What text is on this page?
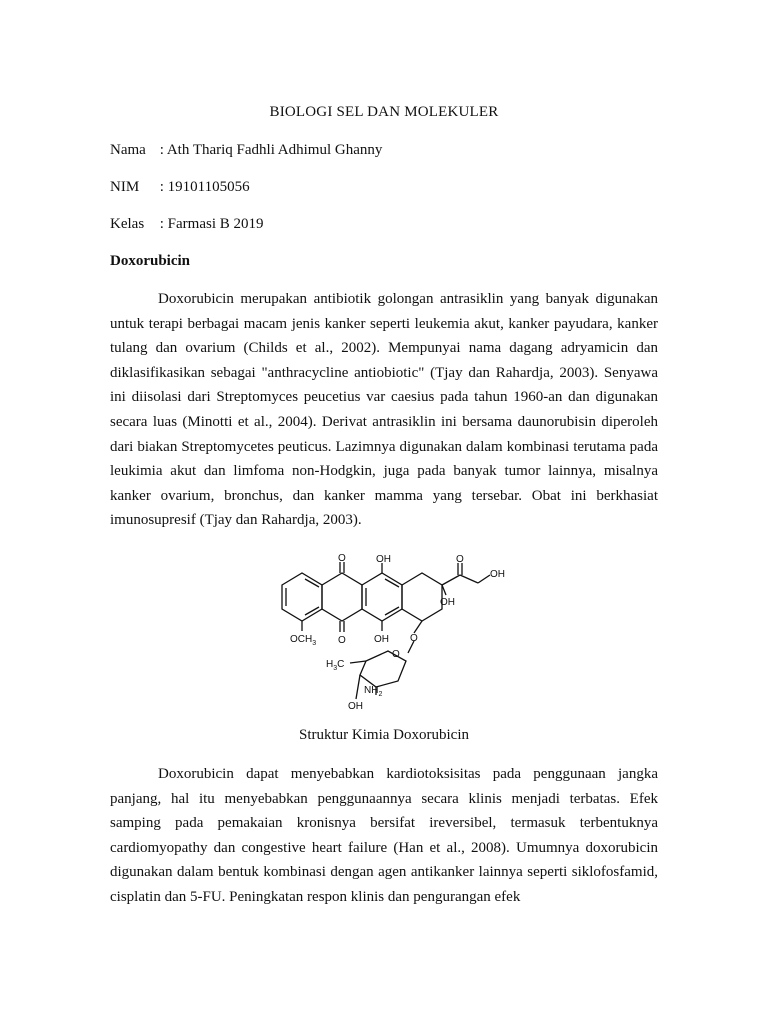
BIOLOGI SEL DAN MOLEKULER
Nama : Ath Thariq Fadhli Adhimul Ghanny
NIM : 19101105056
Kelas : Farmasi B 2019
Doxorubicin

Doxorubicin merupakan antibiotik golongan antrasiklin yang banyak digunakan untuk terapi berbagai macam jenis kanker seperti leukemia akut, kanker payudara, kanker tulang dan ovarium (Childs et al., 2002). Mempunyai nama dagang adryamicin dan diklasifikasikan sebagai "anthracycline antiobiotic" (Tjay dan Rahardja, 2003). Senyawa ini diisolasi dari Streptomyces peucetius var caesius pada tahun 1960-an dan digunakan secara luas (Minotti et al., 2004). Derivat antrasiklin ini bersama daunorubisin diperoleh dari biakan Streptomycetes peuticus. Lazimnya digunakan dalam kombinasi terutama pada leukimia akut dan limfoma non-Hodgkin, juga pada banyak tumor lainnya, misalnya kanker ovarium, bronchus, dan kanker mamma yang tersebar. Obat ini berkhasiat imunosupresif (Tjay dan Rahardja, 2003).

O	OH	O
OH
OH
$OCH_3$ O	OH O
O
$H_3C$
$NH_2$
OH
Struktur Kimia Doxorubicin

Doxorubicin dapat menyebabkan kardiotoksisitas pada penggunaan jangka panjang, hal itu menyebabkan penggunaannya secara klinis menjadi terbatas. Efek samping pada pemakaian kronisnya bersifat ireversibel, termasuk terbentuknya cardiomyopathy dan congestive heart failure (Han et al., 2008). Umumnya doxorubicin digunakan dalam bentuk kombinasi dengan agen antikanker lainnya seperti siklofosfamid, cisplatin dan 5-FU. Peningkatan respon klinis dan pengurangan efek
